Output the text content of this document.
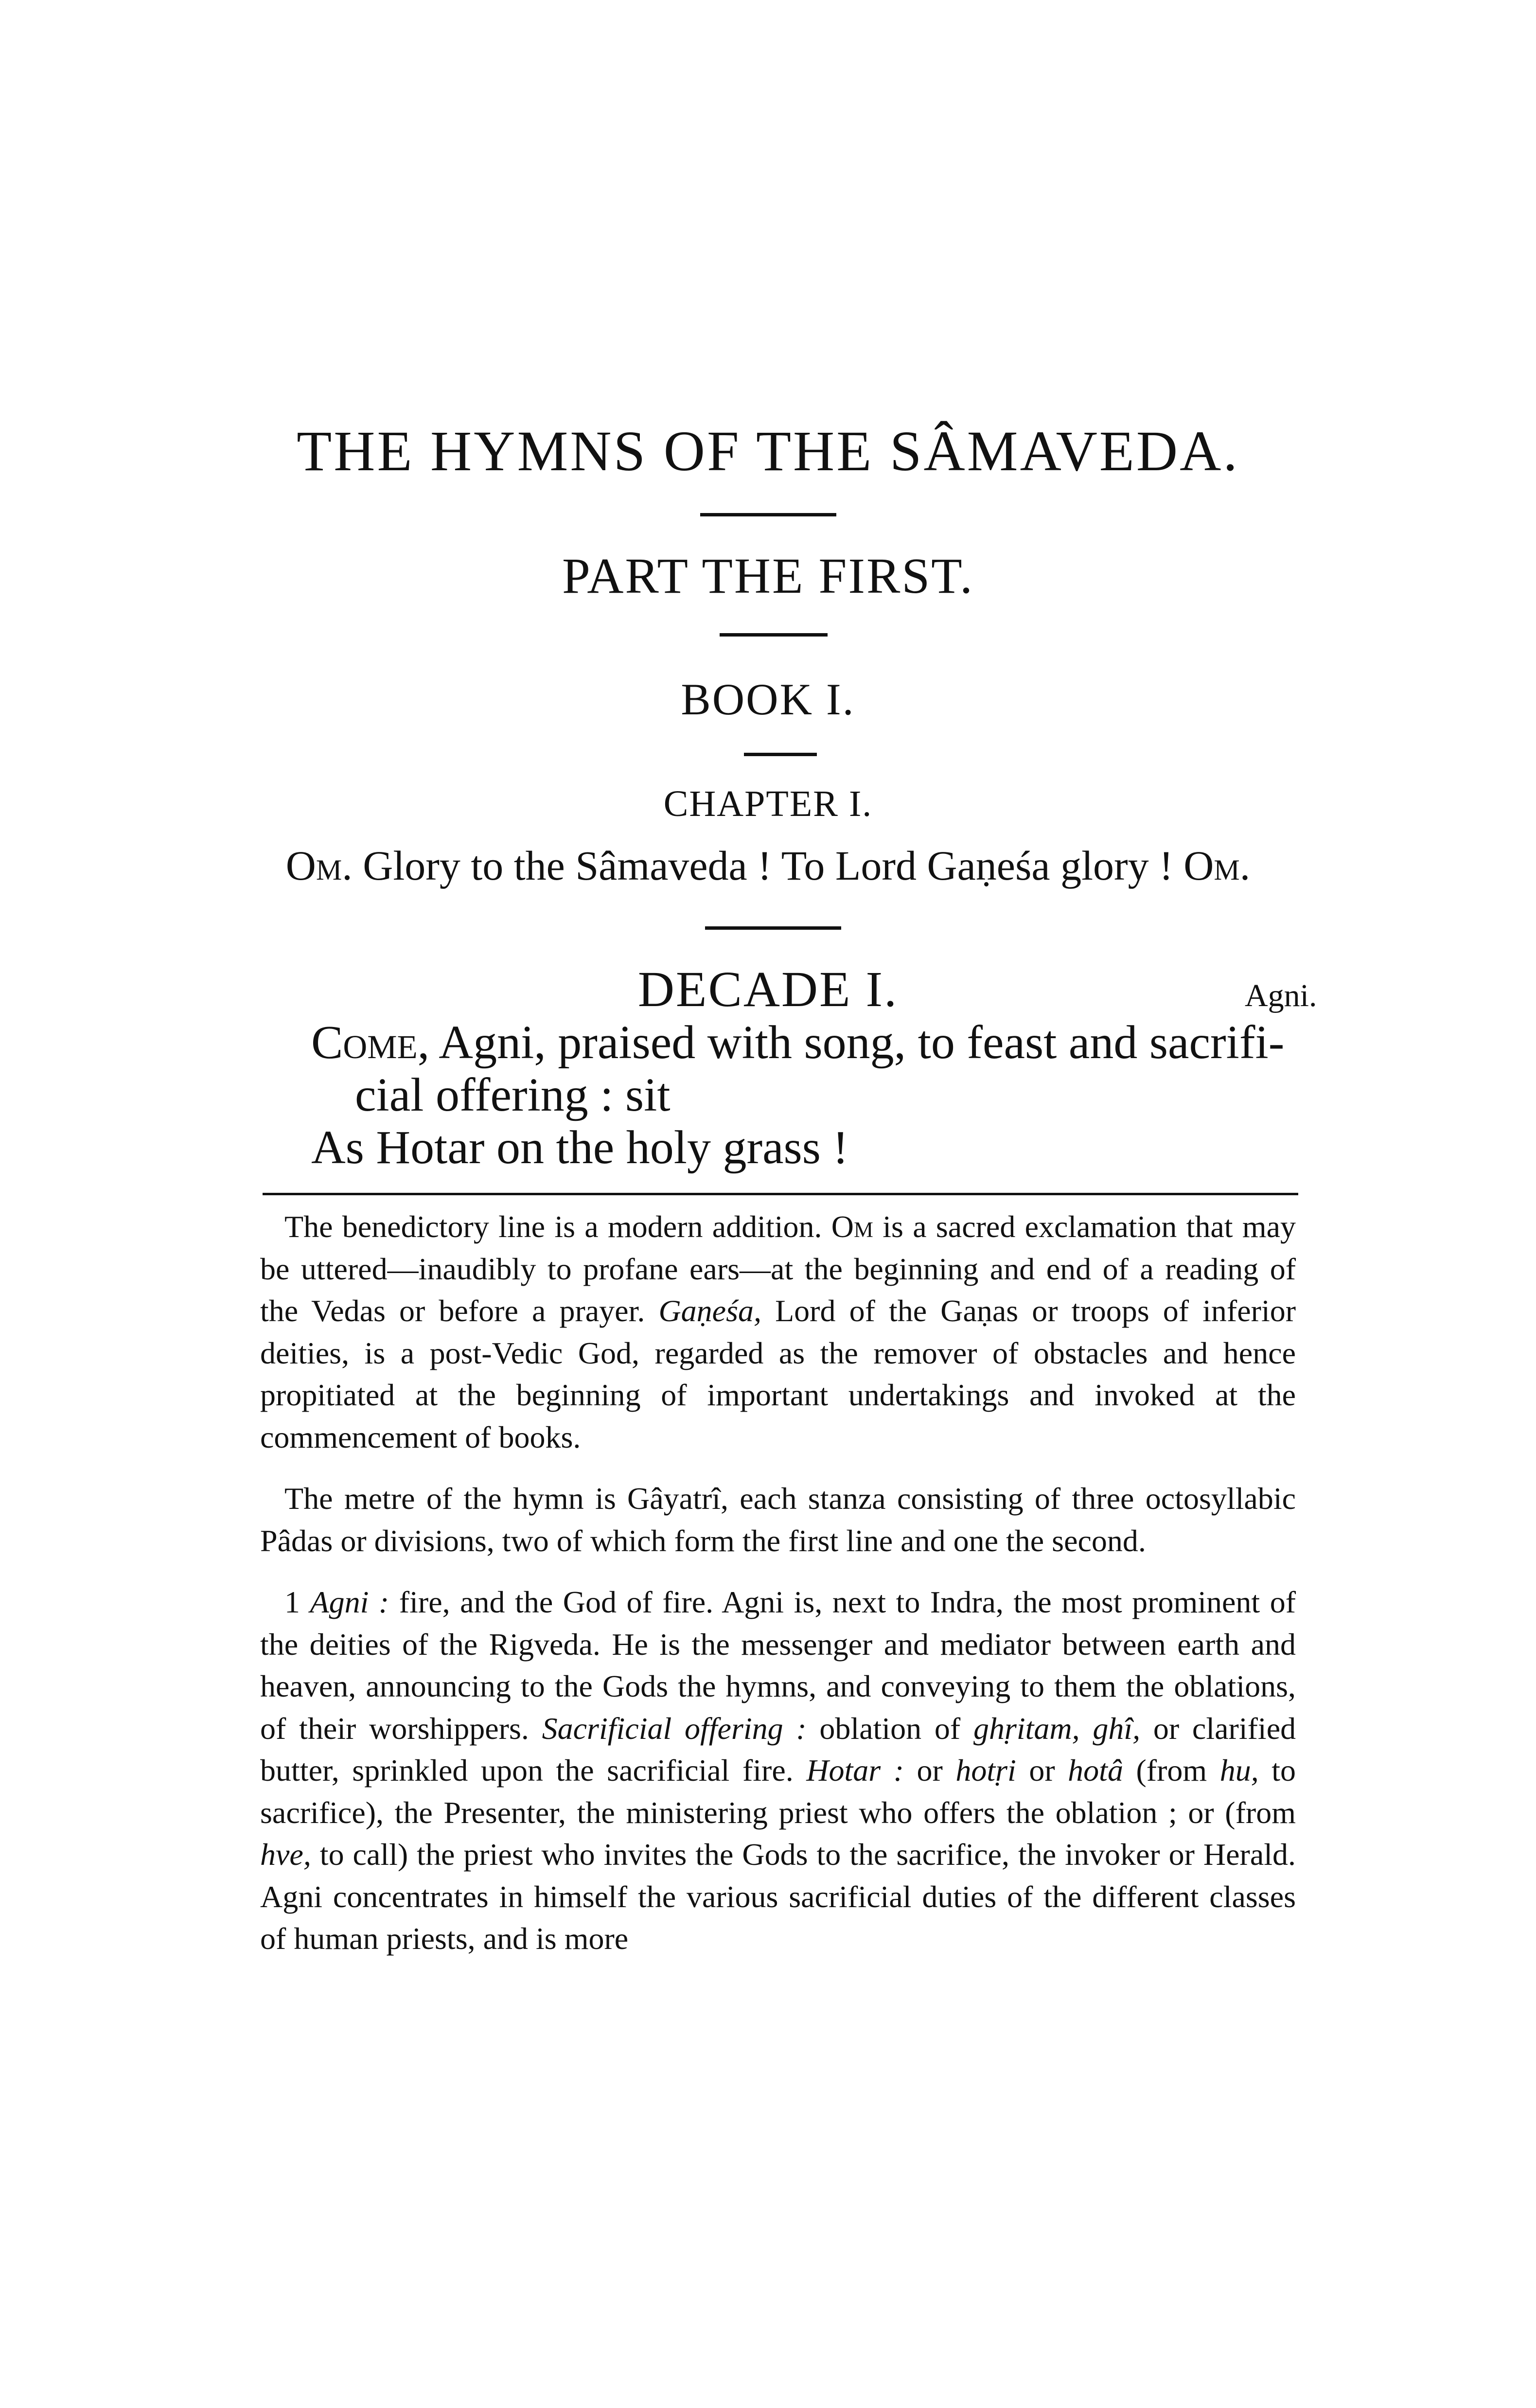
THE HYMNS OF THE SÂMAVEDA.
PART THE FIRST.
BOOK I.
CHAPTER I.
Om. Glory to the Sâmaveda ! To Lord Gaṇeśa glory ! Om.
DECADE I.	Agni.
Come, Agni, praised with song, to feast and sacrifi-
cial offering : sit
As Hotar on the holy grass !

The benedictory line is a modern addition. Om is a sacred exclamation that may be uttered—inaudibly to profane ears—at the beginning and end of a reading of the Vedas or before a prayer. Gaṇeśa, Lord of the Gaṇas or troops of inferior deities, is a post-Vedic God, regarded as the remover of obstacles and hence propitiated at the beginning of important undertakings and invoked at the commencement of books.

The metre of the hymn is Gâyatrî, each stanza consisting of three octosyllabic Pâdas or divisions, two of which form the first line and one the second.

1 Agni : fire, and the God of fire. Agni is, next to Indra, the most prominent of the deities of the Rigveda. He is the messenger and mediator between earth and heaven, announcing to the Gods the hymns, and conveying to them the oblations, of their worshippers. Sacrificial offering : oblation of ghṛitam, ghî, or clarified butter, sprinkled upon the sacrificial fire. Hotar : or hotṛi or hotâ (from hu, to sacrifice), the Presenter, the ministering priest who offers the oblation ; or (from hve, to call) the priest who invites the Gods to the sacrifice, the invoker or Herald. Agni concentrates in himself the various sacrificial duties of the different classes of human priests, and is more
